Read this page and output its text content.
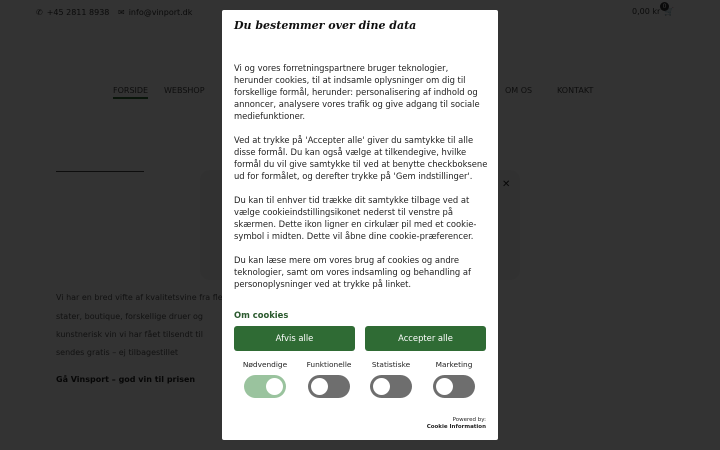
Du bestemmer over dine data

Vi og vores forretningspartnere bruger teknologier, herunder cookies, til at indsamle oplysninger om dig til forskellige formål, herunder: personalisering af indhold og annoncer, analysere vores trafik og give adgang til sociale mediefunktioner.

Ved at trykke på 'Accepter alle' giver du samtykke til alle disse formål. Du kan også vælge at tilkendegive, hvilke formål du vil give samtykke til ved at benytte checkboksene ud for formålet, og derefter trykke på 'Gem indstillinger'.

Du kan til enhver tid trække dit samtykke tilbage ved at vælge cookieindstillingsikonet nederst til venstre på skærmen. Dette ikon ligner en cirkulær pil med et cookie-symbol i midten. Dette vil åbne dine cookie-præferencer.

Du kan læse mere om vores brug af cookies og andre teknologier, samt om vores indsamling og behandling af personoplysninger ved at trykke på linket.

Om cookies
Afvis alle	Accepter alle
Nødvendige	Funktionelle	Statistiske	Marketing
Powered by:
Cookie Information
